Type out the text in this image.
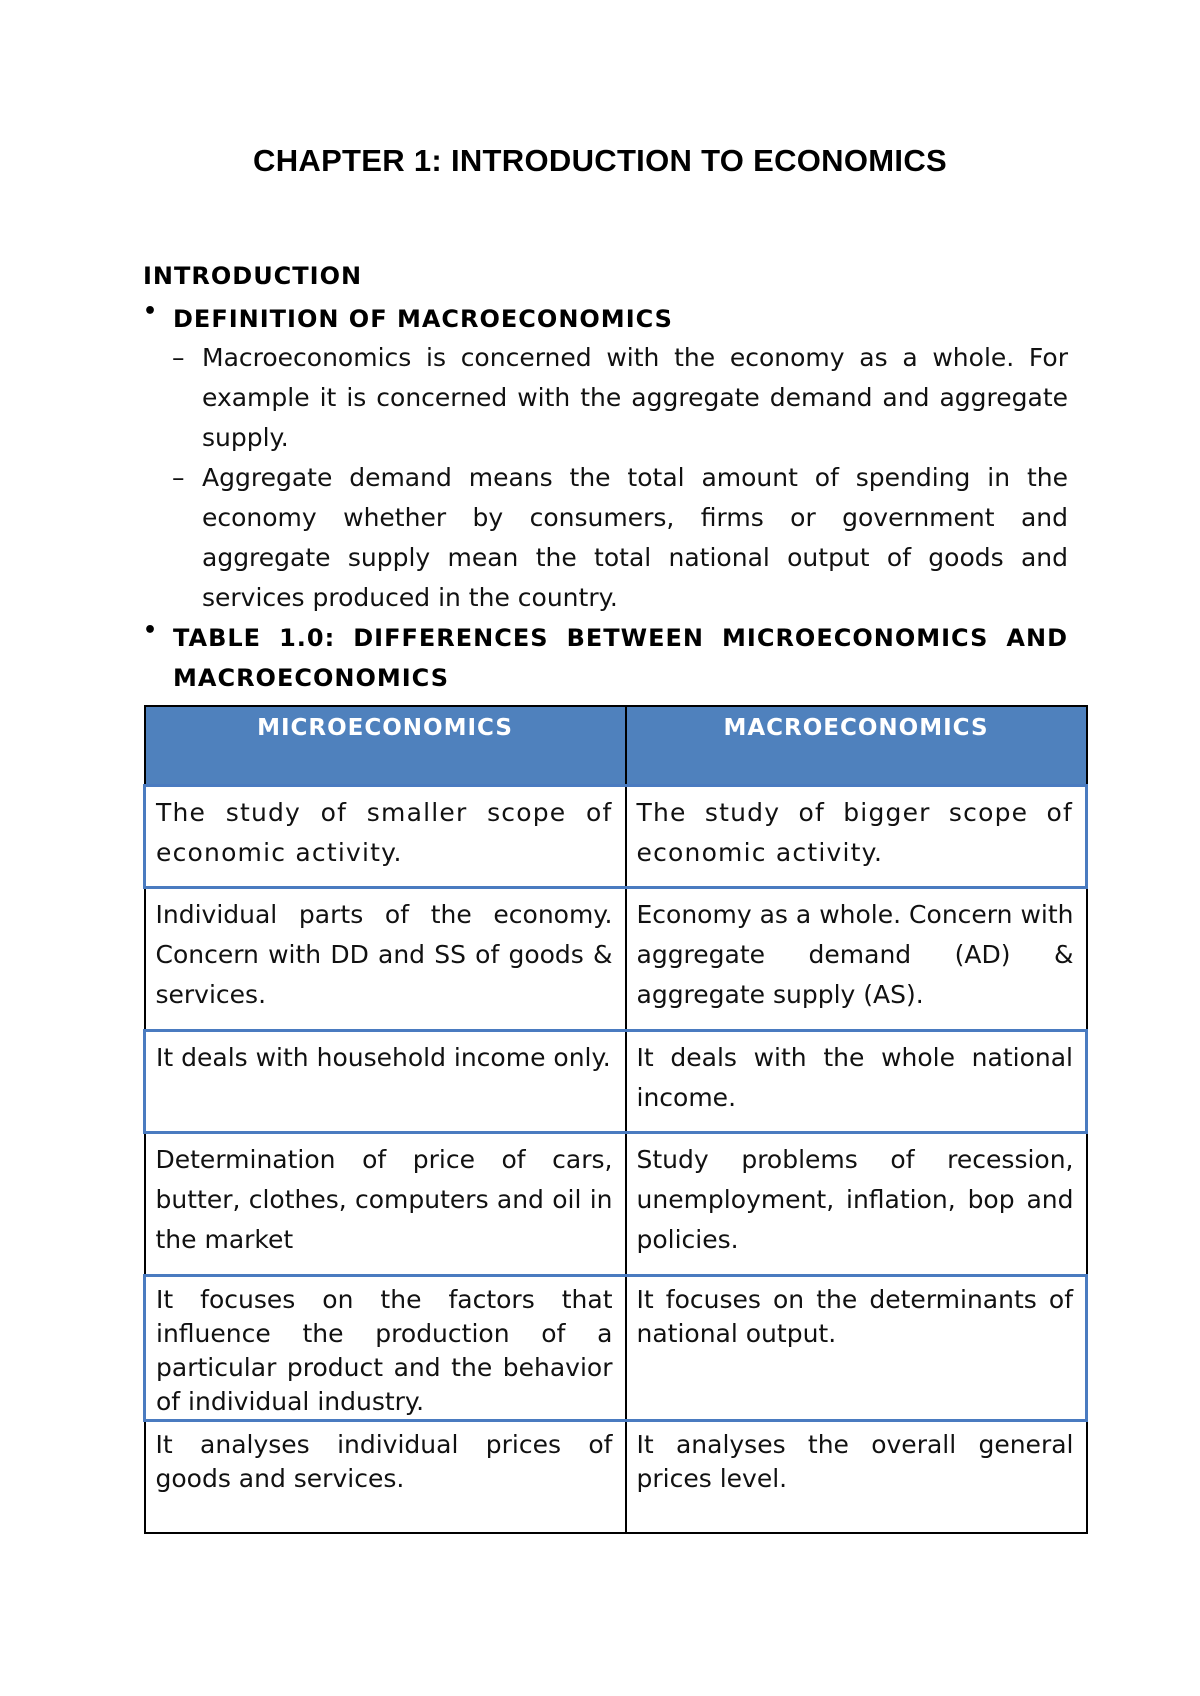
CHAPTER 1: INTRODUCTION TO ECONOMICS
INTRODUCTION
• DEFINITION OF MACROECONOMICS
– Macroeconomics is concerned with the economy as a whole. For example it is concerned with the aggregate demand and aggregate supply.
– Aggregate demand means the total amount of spending in the economy whether by consumers, firms or government and aggregate supply mean the total national output of goods and services produced in the country.
• TABLE 1.0: DIFFERENCES BETWEEN MICROECONOMICS AND
MACROECONOMICS
MICROECONOMICS	MACROECONOMICS
The study of smaller scope of economic activity.	The study of bigger scope of economic activity.
Individual parts of the economy. Concern with DD and SS of goods & services.	Economy as a whole. Concern with aggregate demand (AD) & aggregate supply (AS).
It deals with household income only.	It deals with the whole national income.
Determination of price of cars, butter, clothes, computers and oil in the market	Study problems of recession, unemployment, inflation, bop and policies.
It focuses on the factors that influence the production of a particular product and the behavior of individual industry.	It focuses on the determinants of national output.
It analyses individual prices of goods and services.	It analyses the overall general prices level.
